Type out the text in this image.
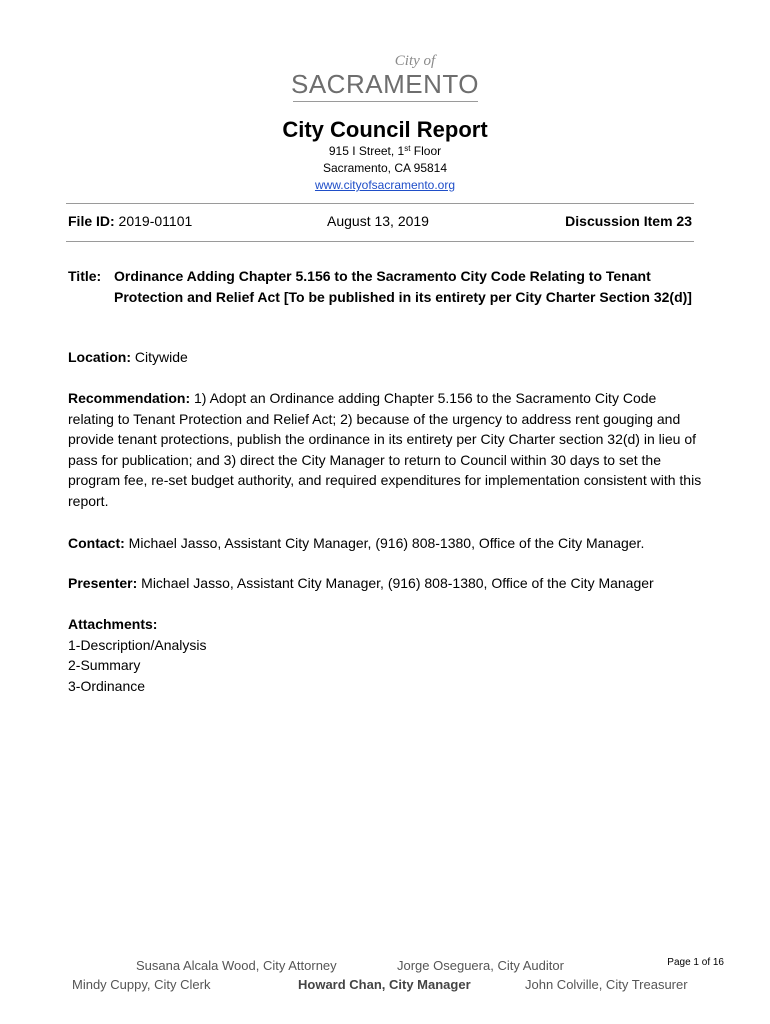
City of
SACRAMENTO
City Council Report
915 I Street, 1st Floor
Sacramento, CA 95814
www.cityofsacramento.org
File ID: 2019-01101	August 13, 2019	Discussion Item 23
Title: Ordinance Adding Chapter 5.156 to the Sacramento City Code Relating to Tenant Protection and Relief Act [To be published in its entirety per City Charter Section 32(d)]
Location: Citywide
Recommendation: 1) Adopt an Ordinance adding Chapter 5.156 to the Sacramento City Code relating to Tenant Protection and Relief Act; 2) because of the urgency to address rent gouging and provide tenant protections, publish the ordinance in its entirety per City Charter section 32(d) in lieu of pass for publication; and 3) direct the City Manager to return to Council within 30 days to set the program fee, re-set budget authority, and required expenditures for implementation consistent with this report.
Contact: Michael Jasso, Assistant City Manager, (916) 808-1380, Office of the City Manager.
Presenter: Michael Jasso, Assistant City Manager, (916) 808-1380, Office of the City Manager
Attachments:
1-Description/Analysis
2-Summary
3-Ordinance
Susana Alcala Wood, City Attorney	Jorge Oseguera, City Auditor	Page 1 of 16
Mindy Cuppy, City Clerk	Howard Chan, City Manager	John Colville, City Treasurer
